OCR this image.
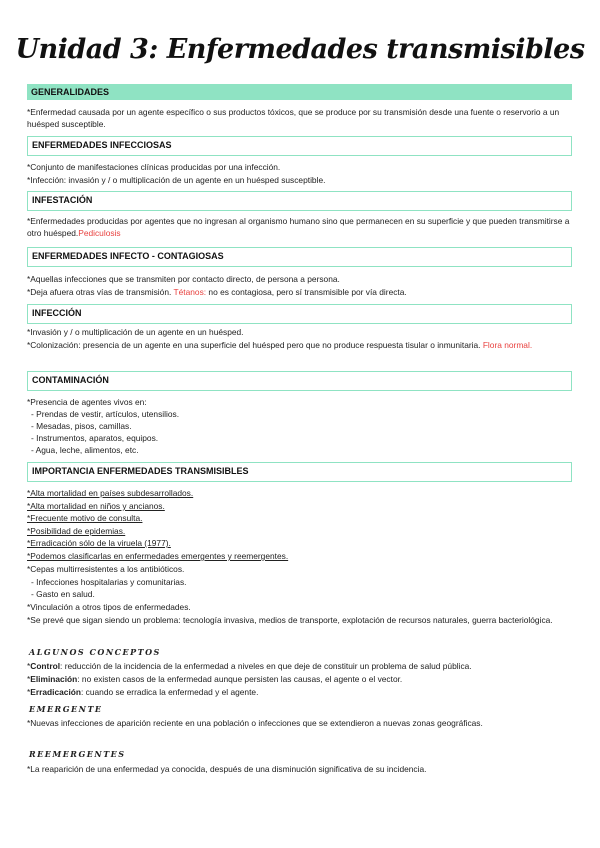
Unidad 3: Enfermedades transmisibles
GENERALIDADES
*Enfermedad causada por un agente específico o sus productos tóxicos, que se produce por su transmisión desde una fuente o reservorio a un huésped susceptible.
ENFERMEDADES INFECCIOSAS
*Conjunto de manifestaciones clínicas producidas por una infección.
*Infección: invasión y / o multiplicación de un agente en un huésped susceptible.
INFESTACIÓN
*Enfermedades producidas por agentes que no ingresan al organismo humano sino que permanecen en su superficie y que pueden transmitirse a otro huésped.Pediculosis
ENFERMEDADES INFECTO - CONTAGIOSAS
*Aquellas infecciones que se transmiten por contacto directo, de persona a persona.
*Deja afuera otras vías de transmisión. Tétanos: no es contagiosa, pero sí transmisible por vía directa.
INFECCIÓN
*Invasión y / o multiplicación de un agente en un huésped.
*Colonización: presencia de un agente en una superficie del huésped pero que no produce respuesta tisular o inmunitaria. Flora normal.
CONTAMINACIÓN
*Presencia de agentes vivos en:
- Prendas de vestir, artículos, utensilios.
- Mesadas, pisos, camillas.
- Instrumentos, aparatos, equipos.
- Agua, leche, alimentos, etc.
IMPORTANCIA ENFERMEDADES TRANSMISIBLES
*Alta mortalidad en países subdesarrollados.
*Alta mortalidad en niños y ancianos.
*Frecuente motivo de consulta.
*Posibilidad de epidemias.
*Erradicación sólo de la viruela (1977).
*Podemos clasificarlas en enfermedades emergentes y reemergentes.
*Cepas multirresistentes a los antibióticos.
- Infecciones hospitalarias y comunitarias.
- Gasto en salud.
*Vinculación a otros tipos de enfermedades.
*Se prevé que sigan siendo un problema: tecnología invasiva, medios de transporte, explotación de recursos naturales, guerra bacteriológica.
ALGUNOS CONCEPTOS
*Control: reducción de la incidencia de la enfermedad a niveles en que deje de constituir un problema de salud pública.
*Eliminación: no existen casos de la enfermedad aunque persisten las causas, el agente o el vector.
*Erradicación: cuando se erradica la enfermedad y el agente.
EMERGENTE
*Nuevas infecciones de aparición reciente en una población o infecciones que se extendieron a nuevas zonas geográficas.
REEMERGENTES
*La reaparición de una enfermedad ya conocida, después de una disminución significativa de su incidencia.
